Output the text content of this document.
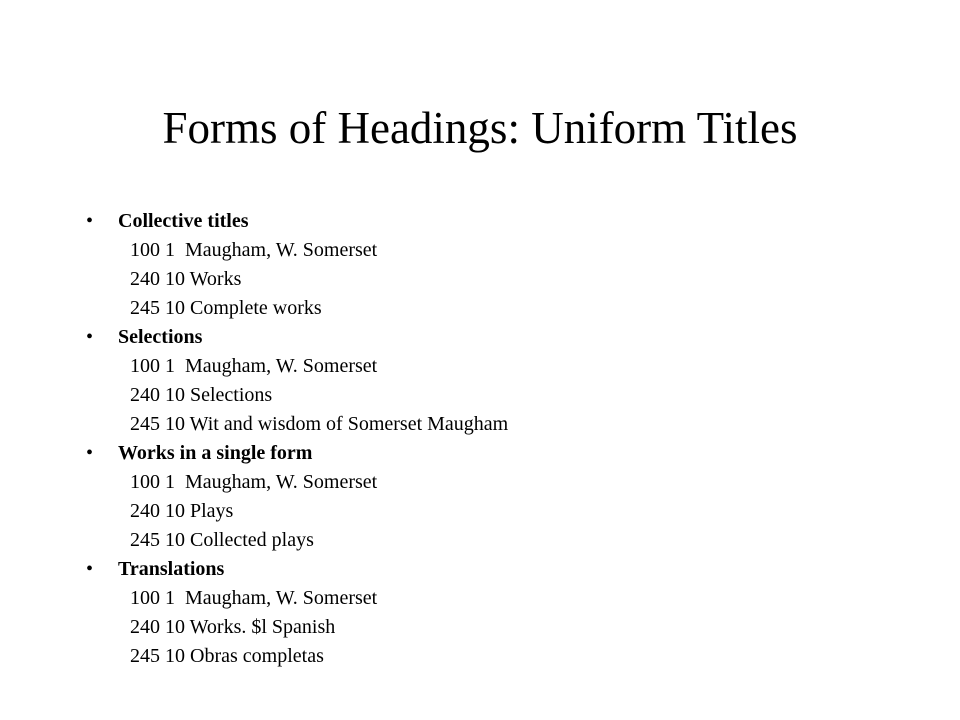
Forms of Headings: Uniform Titles
• Collective titles
100 1  Maugham, W. Somerset
240 10 Works
245 10 Complete works
• Selections
100 1  Maugham, W. Somerset
240 10 Selections
245 10 Wit and wisdom of Somerset Maugham
• Works in a single form
100 1  Maugham, W. Somerset
240 10 Plays
245 10 Collected plays
• Translations
100 1  Maugham, W. Somerset
240 10 Works. $l Spanish
245 10 Obras completas
